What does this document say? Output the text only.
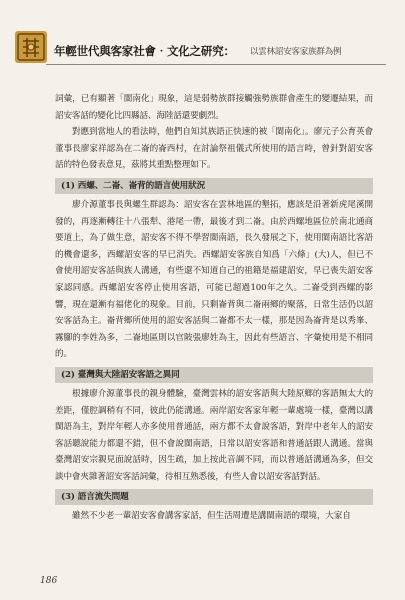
年輕世代與客家社會‧文化之研究： 以雲林詔安客家族群為例

詞彙，已有顯著「閩南化」現象，這是弱勢族群接觸強勢族群會產生的變遷結果，而詔安客話的變化比四縣話、海陸話還要劇烈。

對應到當地人的看法時，他們自知其族語正快速的被「閩南化」。廖元子公育英會董事長廖家祥認為在二崙的崙西村，在討論祭祖儀式所使用的語言時，曾針對詔安客話的特色發表意見，茲將其重點整理如下。

(1) 西螺、二崙、崙背的語言使用狀況

廖介源董事長與螺生群認為：詔安客在雲林地區的墾拓，應該是沿著新虎尾溪開發的，再逐漸轉往十八張犁、港尾一帶，最後才到二崙。由於西螺地區位於南北通商要道上，為了做生意，詔安客不得不學習閩南語，長久發展之下，使用閩南語比客語的機會還多，西螺詔安客的早已消失。西螺詔安客族自知爲「六條」(大)人，但已不會使用詔安客話與族人溝通，有些還不知道自己的祖籍是福建詔安，早已喪失詔安客家認同感。西螺詔安客停止使用客語，可能已超過100年之久。二崙受到西螺的影響，現在還漸有福佬化的現象。目前，只剩崙背與二崙兩鄉的聚落，日常生活仍以詔安客話為主。崙背鄉所使用的詔安客話與二崙都不太一樣，那是因為崙背是以秀峯、霧腳的李姓為多，二崙地區則以官陂張廖姓為主，因此有些語言、字彙使用是不相同的。

(2) 臺灣與大陸詔安客語之異同

根據廖介源董事長的親身體驗，臺灣雲林的詔安客語與大陸原鄉的客語無太大的差距，僅腔調稍有不同，彼此仍能溝通。兩岸詔安客家年輕一輩處境一樣，臺灣以講閩語為主，對岸年輕人亦多使用普通話，兩方都不太會說客語，對岸中老年人的詔安客話聽說能力都還不錯，但不會說閩南語，日常以詔安客語和普通話跟人溝通。當與臺灣詔安宗親見面說話時，因生疏，加上按此音調不同，而以普通話溝通為多，但交談中會夾雜著詔安客話詞彙，待相互熟悉後，有些人會以詔安客話對話。

(3) 語言流失問題

雖然不少老一輩詔安客會講客家話，但生活周遭是講閩南語的環境，大家自

186
